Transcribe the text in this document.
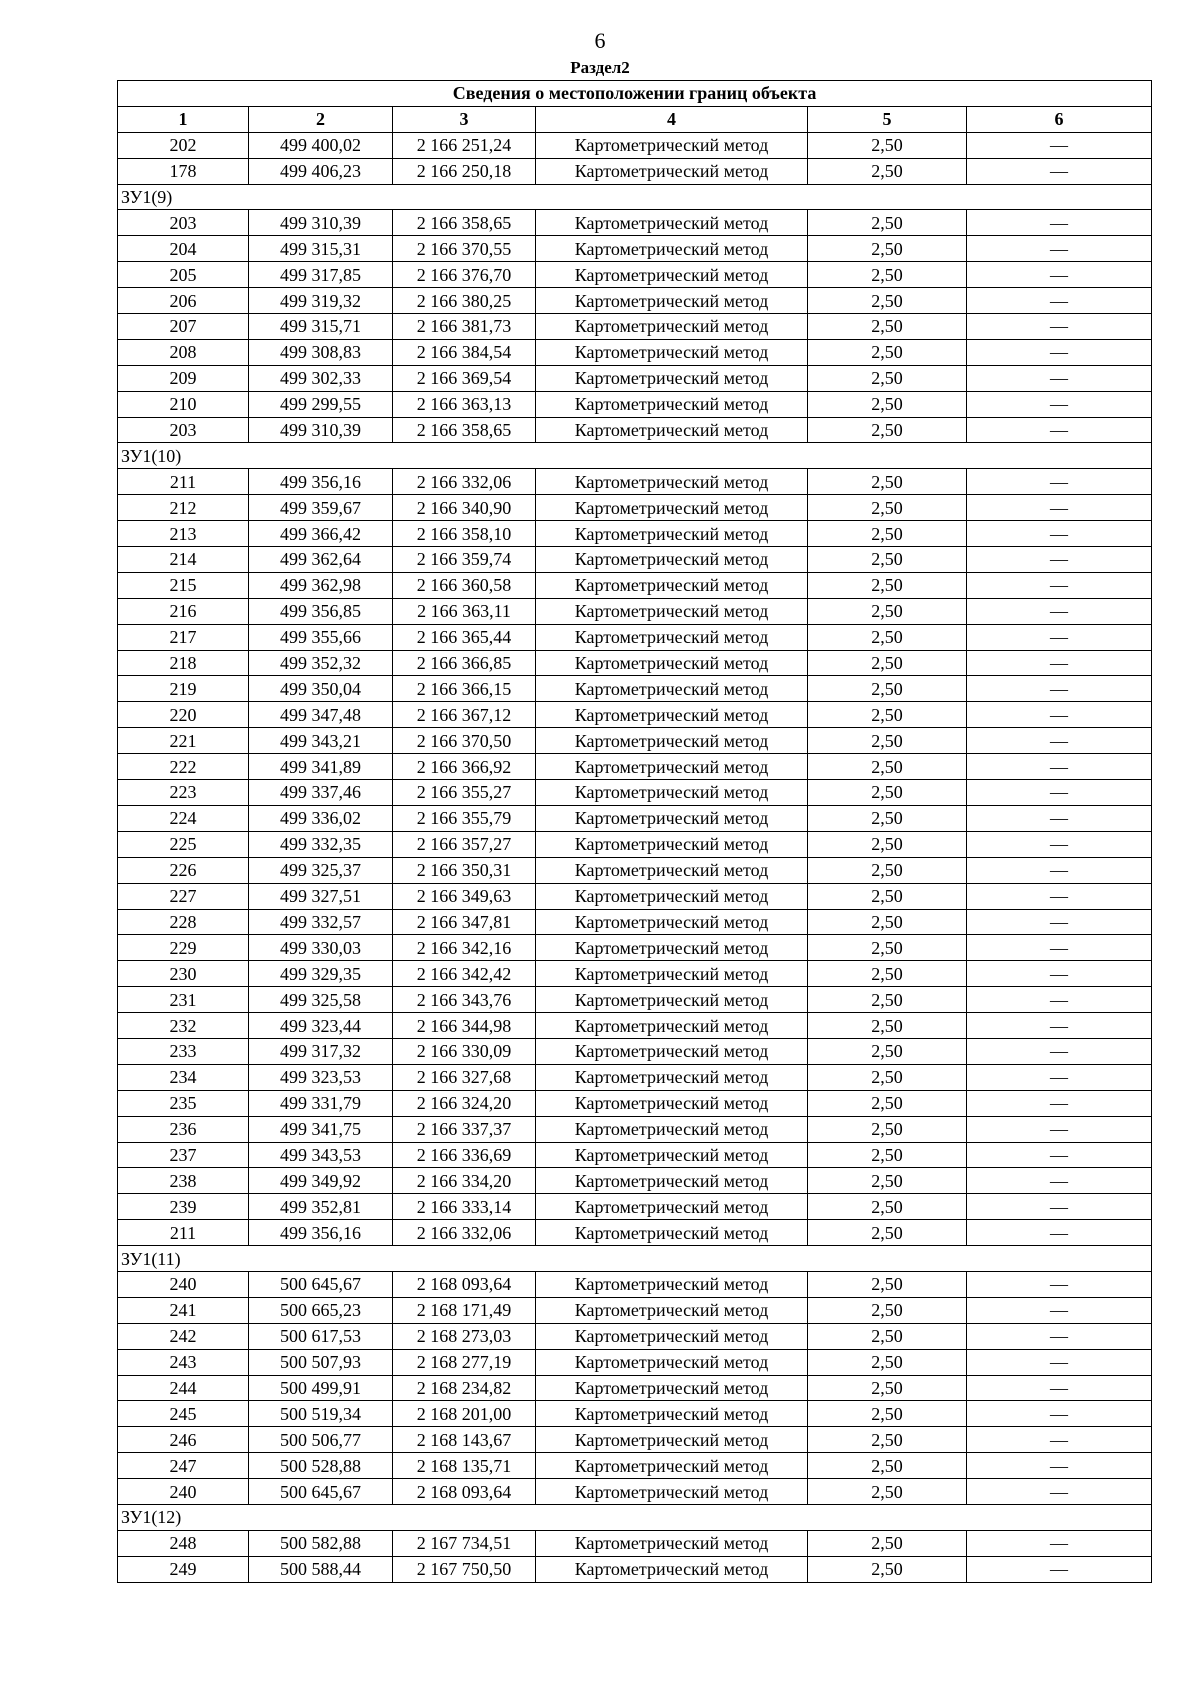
6
Раздел2
Сведения о местоположении границ объекта					
1	2	3	4	5	6
202	499 400,02	2 166 251,24	Картометрический метод	2,50	—
178	499 406,23	2 166 250,18	Картометрический метод	2,50	—
ЗУ1(9)					
203	499 310,39	2 166 358,65	Картометрический метод	2,50	—
204	499 315,31	2 166 370,55	Картометрический метод	2,50	—
205	499 317,85	2 166 376,70	Картометрический метод	2,50	—
206	499 319,32	2 166 380,25	Картометрический метод	2,50	—
207	499 315,71	2 166 381,73	Картометрический метод	2,50	—
208	499 308,83	2 166 384,54	Картометрический метод	2,50	—
209	499 302,33	2 166 369,54	Картометрический метод	2,50	—
210	499 299,55	2 166 363,13	Картометрический метод	2,50	—
203	499 310,39	2 166 358,65	Картометрический метод	2,50	—
ЗУ1(10)					
211	499 356,16	2 166 332,06	Картометрический метод	2,50	—
212	499 359,67	2 166 340,90	Картометрический метод	2,50	—
213	499 366,42	2 166 358,10	Картометрический метод	2,50	—
214	499 362,64	2 166 359,74	Картометрический метод	2,50	—
215	499 362,98	2 166 360,58	Картометрический метод	2,50	—
216	499 356,85	2 166 363,11	Картометрический метод	2,50	—
217	499 355,66	2 166 365,44	Картометрический метод	2,50	—
218	499 352,32	2 166 366,85	Картометрический метод	2,50	—
219	499 350,04	2 166 366,15	Картометрический метод	2,50	—
220	499 347,48	2 166 367,12	Картометрический метод	2,50	—
221	499 343,21	2 166 370,50	Картометрический метод	2,50	—
222	499 341,89	2 166 366,92	Картометрический метод	2,50	—
223	499 337,46	2 166 355,27	Картометрический метод	2,50	—
224	499 336,02	2 166 355,79	Картометрический метод	2,50	—
225	499 332,35	2 166 357,27	Картометрический метод	2,50	—
226	499 325,37	2 166 350,31	Картометрический метод	2,50	—
227	499 327,51	2 166 349,63	Картометрический метод	2,50	—
228	499 332,57	2 166 347,81	Картометрический метод	2,50	—
229	499 330,03	2 166 342,16	Картометрический метод	2,50	—
230	499 329,35	2 166 342,42	Картометрический метод	2,50	—
231	499 325,58	2 166 343,76	Картометрический метод	2,50	—
232	499 323,44	2 166 344,98	Картометрический метод	2,50	—
233	499 317,32	2 166 330,09	Картометрический метод	2,50	—
234	499 323,53	2 166 327,68	Картометрический метод	2,50	—
235	499 331,79	2 166 324,20	Картометрический метод	2,50	—
236	499 341,75	2 166 337,37	Картометрический метод	2,50	—
237	499 343,53	2 166 336,69	Картометрический метод	2,50	—
238	499 349,92	2 166 334,20	Картометрический метод	2,50	—
239	499 352,81	2 166 333,14	Картометрический метод	2,50	—
211	499 356,16	2 166 332,06	Картометрический метод	2,50	—
ЗУ1(11)					
240	500 645,67	2 168 093,64	Картометрический метод	2,50	—
241	500 665,23	2 168 171,49	Картометрический метод	2,50	—
242	500 617,53	2 168 273,03	Картометрический метод	2,50	—
243	500 507,93	2 168 277,19	Картометрический метод	2,50	—
244	500 499,91	2 168 234,82	Картометрический метод	2,50	—
245	500 519,34	2 168 201,00	Картометрический метод	2,50	—
246	500 506,77	2 168 143,67	Картометрический метод	2,50	—
247	500 528,88	2 168 135,71	Картометрический метод	2,50	—
240	500 645,67	2 168 093,64	Картометрический метод	2,50	—
ЗУ1(12)					
248	500 582,88	2 167 734,51	Картометрический метод	2,50	—
249	500 588,44	2 167 750,50	Картометрический метод	2,50	—
